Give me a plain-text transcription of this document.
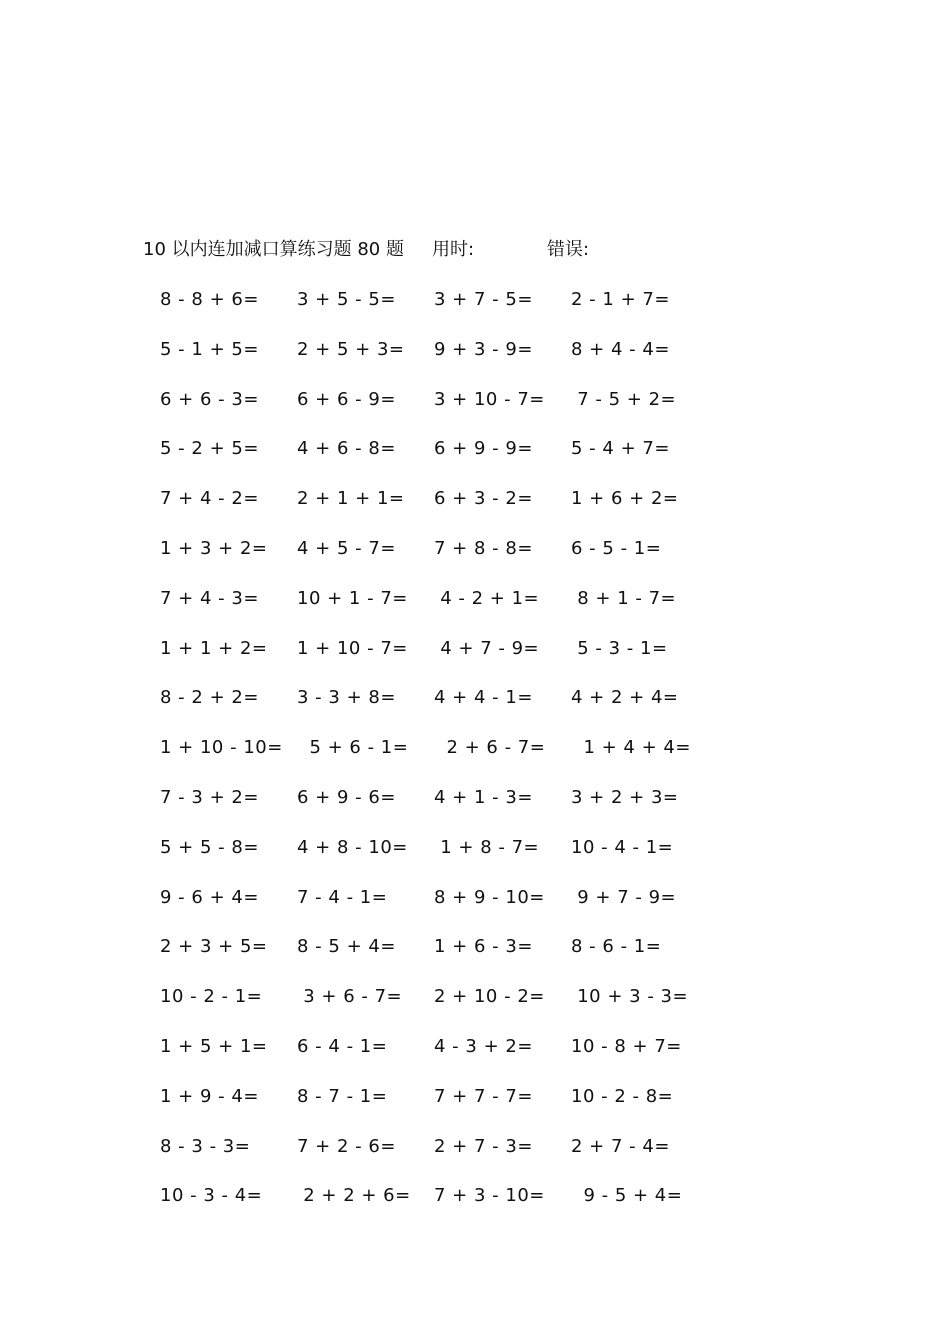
10 以内连加减口算练习题 80 题 用时:	错误:
8 - 8 + 6= 3 + 5 - 5= 3 + 7 - 5= 2 - 1 + 7=
5 - 1 + 5= 2 + 5 + 3= 9 + 3 - 9= 8 + 4 - 4=
6 + 6 - 3= 6 + 6 - 9= 3 + 10 - 7= 7 - 5 + 2=
5 - 2 + 5= 4 + 6 - 8= 6 + 9 - 9= 5 - 4 + 7=
7 + 4 - 2= 2 + 1 + 1= 6 + 3 - 2= 1 + 6 + 2=
1 + 3 + 2= 4 + 5 - 7= 7 + 8 - 8= 6 - 5 - 1=
7 + 4 - 3= 10 + 1 - 7= 4 - 2 + 1= 8 + 1 - 7=
1 + 1 + 2= 1 + 10 - 7= 4 + 7 - 9= 5 - 3 - 1=
8 - 2 + 2= 3 - 3 + 8= 4 + 4 - 1= 4 + 2 + 4=
1 + 10 - 10= 5 + 6 - 1= 2 + 6 - 7= 1 + 4 + 4=
7 - 3 + 2= 6 + 9 - 6= 4 + 1 - 3= 3 + 2 + 3=
5 + 5 - 8= 4 + 8 - 10= 1 + 8 - 7= 10 - 4 - 1=
9 - 6 + 4= 7 - 4 - 1=	8 + 9 - 10= 9 + 7 - 9=
2 + 3 + 5= 8 - 5 + 4= 1 + 6 - 3= 8 - 6 - 1=
10 - 2 - 1= 3 + 6 - 7= 2 + 10 - 2= 10 + 3 - 3=
1 + 5 + 1= 6 - 4 - 1=	4 - 3 + 2= 10 - 8 + 7=
1 + 9 - 4= 8 - 7 - 1=	7 + 7 - 7= 10 - 2 - 8=
8 - 3 - 3=	7 + 2 - 6= 2 + 7 - 3= 2 + 7 - 4=
10 - 3 - 4= 2 + 2 + 6= 7 + 3 - 10= 9 - 5 + 4=
